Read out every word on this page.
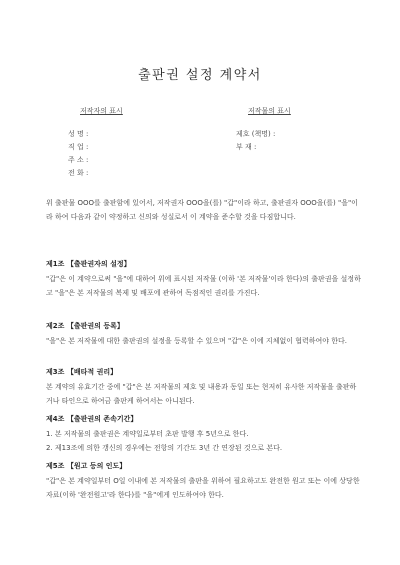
출판권 설정 계약서
저작자의 표시	저작물의 표시
성 명 :
직 업 :
주 소 :
전 화 :
제호 (책명) :
부 재 :
위 출판물 OOO를 출판함에 있어서, 저작권자 OOO을(를) "갑"이라 하고, 출판권자 OOO을(를) "을"이라 하여 다음과 같이 약정하고 신의와 성실로서 이 계약을 준수할 것을 다짐합니다.
제1조 【출판권자의 설정】
"갑"은 이 계약으로써 "을"에 대하여 위에 표시된 저작물 (이하 '본 저작물'이라 한다)의 출판권을 설정하고 "을"은 본 저작물의 복제 및 배포에 관하여 독점적인 권리를 가진다.
제2조 【출판권의 등록】
"을"은 본 저작물에 대한 출판권의 설정을 등록할 수 있으며 "갑"은 이에 지체없이 협력하여야 한다.
제3조 【배타적 권리】
본 계약의 유효기간 중에 "갑"은 본 저작물의 제호 및 내용과 동일 또는 현저히 유사한 저작물을 출판하거나 타인으로 하여금 출판케 하여서는 아니된다.
제4조 【출판권의 존속기간】
1. 본 저작물의 출판권은 계약일로부터 초판 발행 후 5년으로 한다.
2. 제13조에 의한 갱신의 경우에는 전항의 기간도 3년 간 연장된 것으로 본다.
제5조 【원고 등의 인도】
"갑"은 본 계약일부터 O일 이내에 본 저작물의 출판을 위하여 필요하고도 완전한 원고 또는 이에 상당한 자료(이하 '완전원고'라 한다)를 "을"에게 인도하여야 한다.
